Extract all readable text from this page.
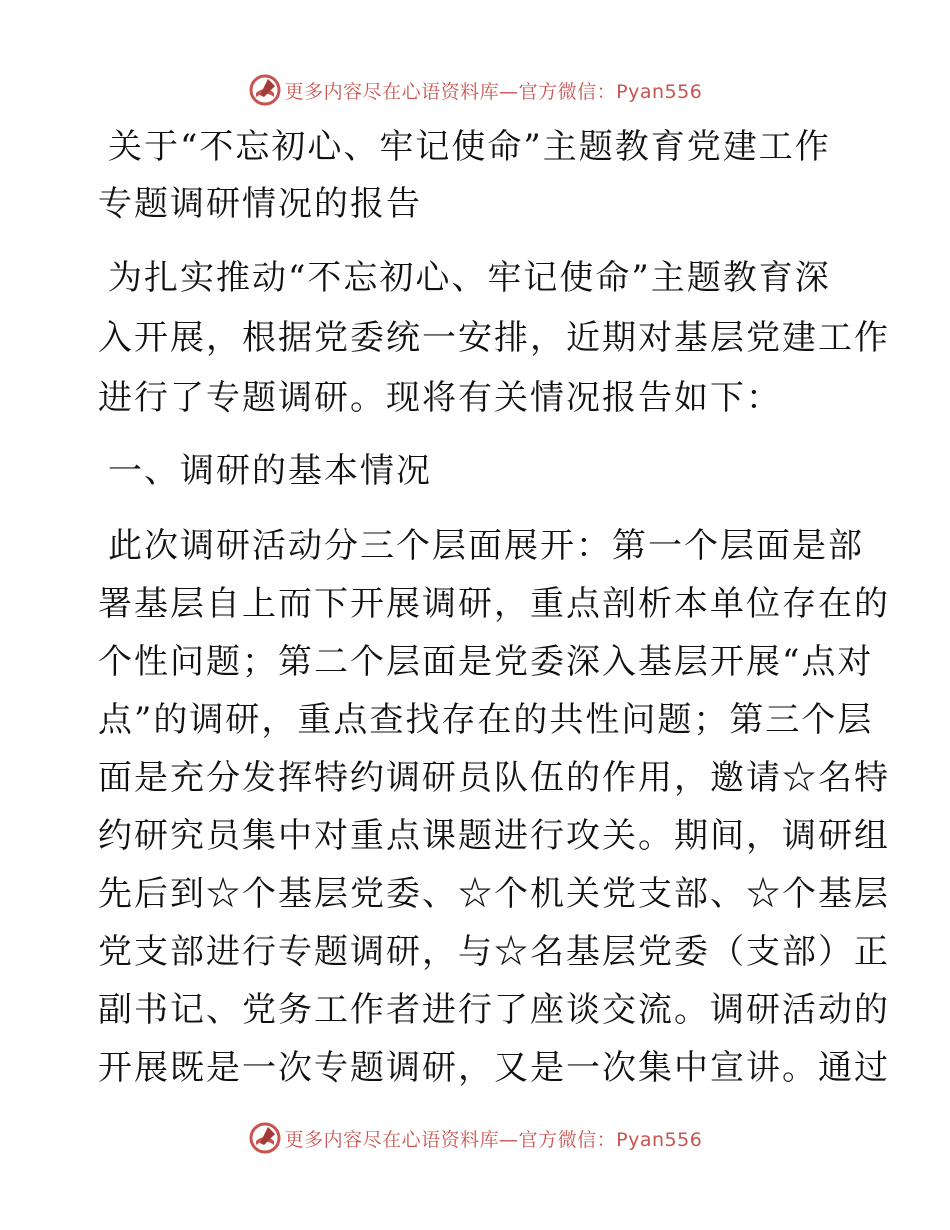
更多内容尽在心语资料库—官方微信：Pyan556

关于“不忘初心、牢记使命”主题教育党建工作

专题调研情况的报告

为扎实推动“不忘初心、牢记使命”主题教育深

入开展，根据党委统一安排，近期对基层党建工作

进行了专题调研。现将有关情况报告如下：

一、调研的基本情况

此次调研活动分三个层面展开：第一个层面是部

署基层自上而下开展调研，重点剖析本单位存在的

个性问题；第二个层面是党委深入基层开展“点对

点”的调研，重点查找存在的共性问题；第三个层

面是充分发挥特约调研员队伍的作用，邀请☆名特

约研究员集中对重点课题进行攻关。期间，调研组

先后到☆个基层党委、☆个机关党支部、☆个基层

党支部进行专题调研，与☆名基层党委（支部）正

副书记、党务工作者进行了座谈交流。调研活动的

开展既是一次专题调研，又是一次集中宣讲。通过

更多内容尽在心语资料库—官方微信：Pyan556
